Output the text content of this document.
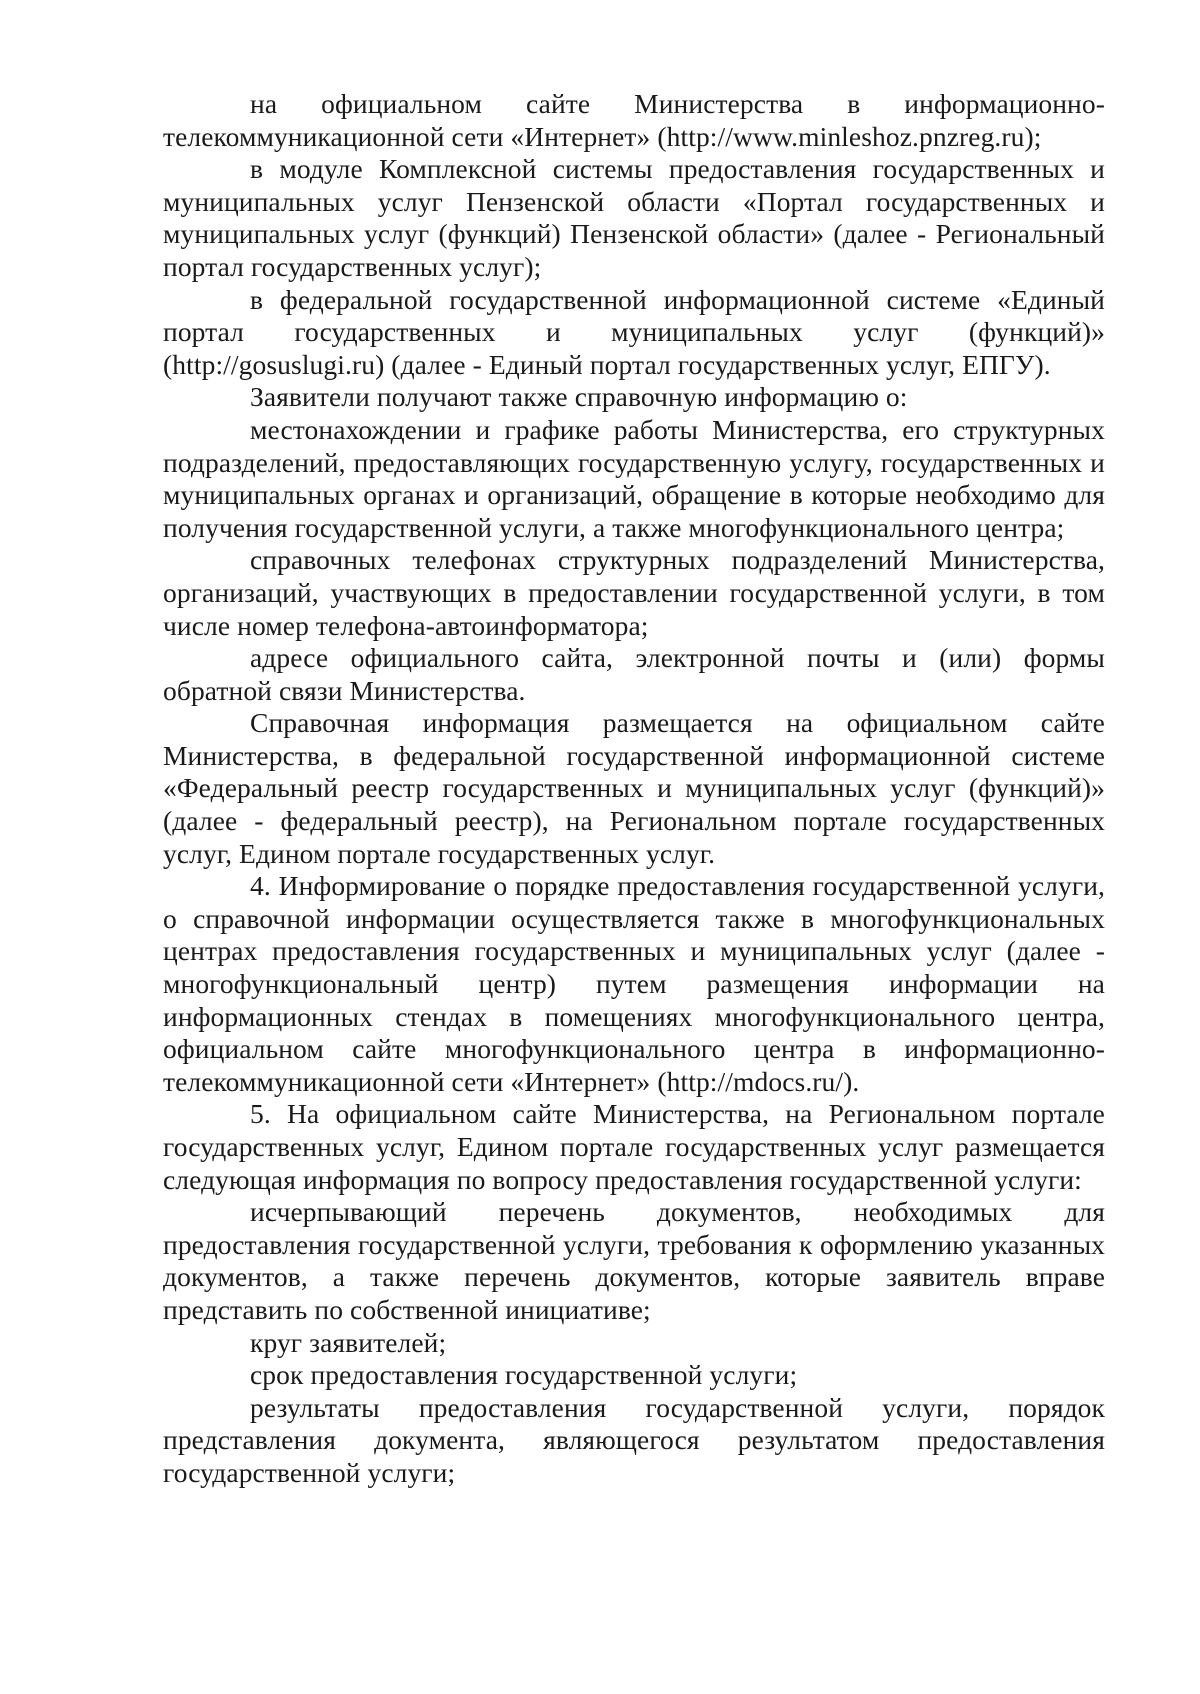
на официальном сайте Министерства в информационно-телекоммуникационной сети «Интернет» (http://www.minleshoz.pnzreg.ru);

в модуле Комплексной системы предоставления государственных и муниципальных услуг Пензенской области «Портал государственных и муниципальных услуг (функций) Пензенской области» (далее - Региональный портал государственных услуг);

в федеральной государственной информационной системе «Единый портал государственных и муниципальных услуг (функций)» (http://gosuslugi.ru) (далее - Единый портал государственных услуг, ЕПГУ).

Заявители получают также справочную информацию о:

местонахождении и графике работы Министерства, его структурных подразделений, предоставляющих государственную услугу, государственных и муниципальных органах и организаций, обращение в которые необходимо для получения государственной услуги, а также многофункционального центра;

справочных телефонах структурных подразделений Министерства, организаций, участвующих в предоставлении государственной услуги, в том числе номер телефона-автоинформатора;

адресе официального сайта, электронной почты и (или) формы обратной связи Министерства.

Справочная информация размещается на официальном сайте Министерства, в федеральной государственной информационной системе «Федеральный реестр государственных и муниципальных услуг (функций)» (далее - федеральный реестр), на Региональном портале государственных услуг, Едином портале государственных услуг.

4. Информирование о порядке предоставления государственной услуги, о справочной информации осуществляется также в многофункциональных центрах предоставления государственных и муниципальных услуг (далее - многофункциональный центр) путем размещения информации на информационных стендах в помещениях многофункционального центра, официальном сайте многофункционального центра в информационно-телекоммуникационной сети «Интернет» (http://mdocs.ru/).

5. На официальном сайте Министерства, на Региональном портале государственных услуг, Едином портале государственных услуг размещается следующая информация по вопросу предоставления государственной услуги:

исчерпывающий перечень документов, необходимых для предоставления государственной услуги, требования к оформлению указанных документов, а также перечень документов, которые заявитель вправе представить по собственной инициативе;

круг заявителей;

срок предоставления государственной услуги;

результаты предоставления государственной услуги, порядок представления документа, являющегося результатом предоставления государственной услуги;
